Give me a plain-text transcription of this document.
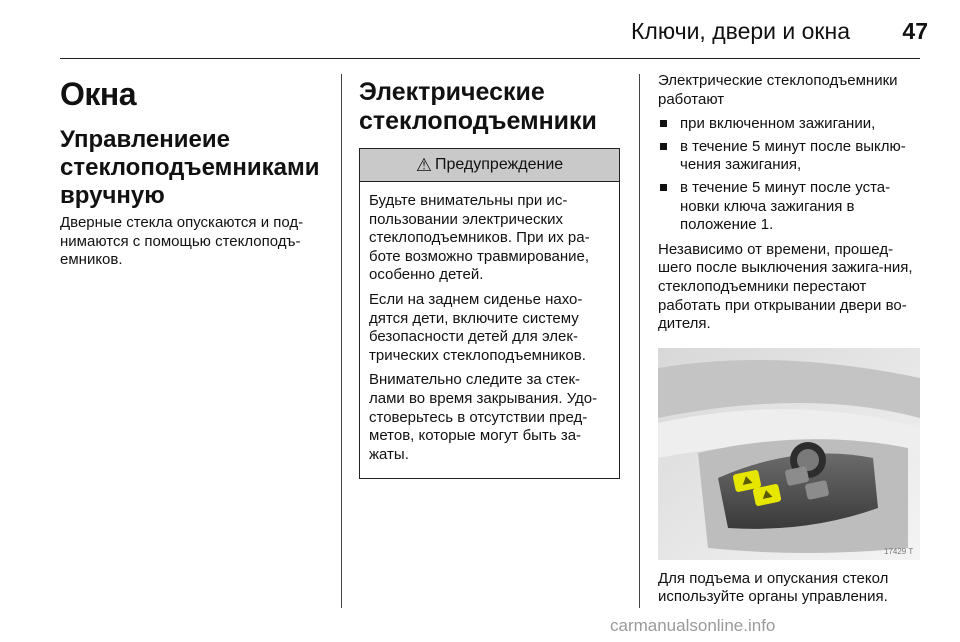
Ключи, двери и окна	47
Окна
Управлениеие стеклоподъемниками вручную

Дверные стекла опускаются и под-нимаются с помощью стеклоподъ-емников.

Электрические стеклоподъемники
⚠ Предупреждение

Будьте внимательны при ис-пользовании электрических стеклоподъемников. При их ра-боте возможно травмирование, особенно детей.

Если на заднем сиденье нахо-дятся дети, включите систему безопасности детей для элек-трических стеклоподъемников.

Внимательно следите за стек-лами во время закрывания. Удо-стоверьтесь в отсутствии пред-метов, которые могут быть за-жаты.

Электрические стеклоподъемники работают

при включенном зажигании,
в течение 5 минут после выклю-чения зажигания,
в течение 5 минут после уста-новки ключа зажигания в положение 1.

Независимо от времени, прошед-шего после выключения зажига-ния, стеклоподъемники перестают работать при открывании двери во-дителя.

17429 T

Для подъема и опускания стекол используйте органы управления.

carmanualsonline.info
